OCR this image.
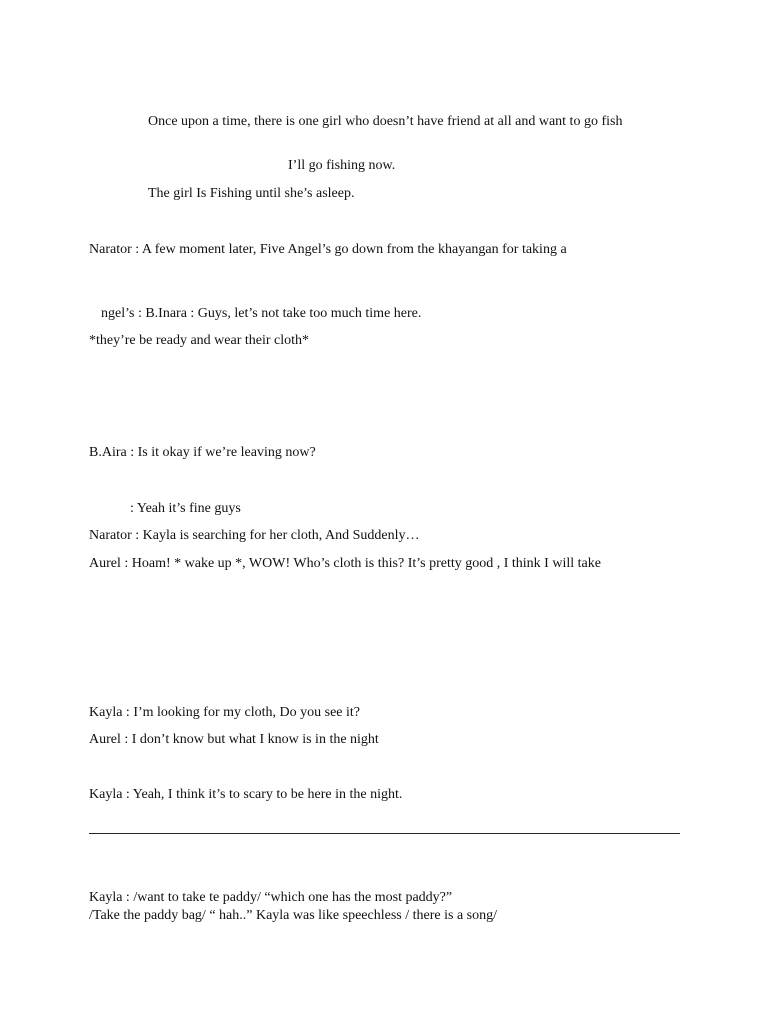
Once upon a time, there is one girl who doesn’t have friend at all and want to go fish
I’ll go fishing now.
The girl Is Fishing until she’s asleep.
Narator : A few moment later, Five Angel’s go down from the khayangan for taking a
ngel’s : B.Inara : Guys, let’s not take too much time here.
*they’re be ready and wear their cloth*
B.Aira : Is it okay if we’re leaving now?
: Yeah it’s fine guys
Narator : Kayla is searching for her cloth, And Suddenly…
Aurel : Hoam! * wake up *, WOW! Who’s cloth is this? It’s pretty good , I think I will take
Kayla : I’m looking for my cloth, Do you see it?
Aurel : I don’t know but what I know is in the night
Kayla : Yeah, I think it’s to scary to be here in the night.
Kayla : /want to take te paddy/ “which one has the most paddy?”
/Take the paddy bag/ “ hah..” Kayla was like speechless / there is a song/
